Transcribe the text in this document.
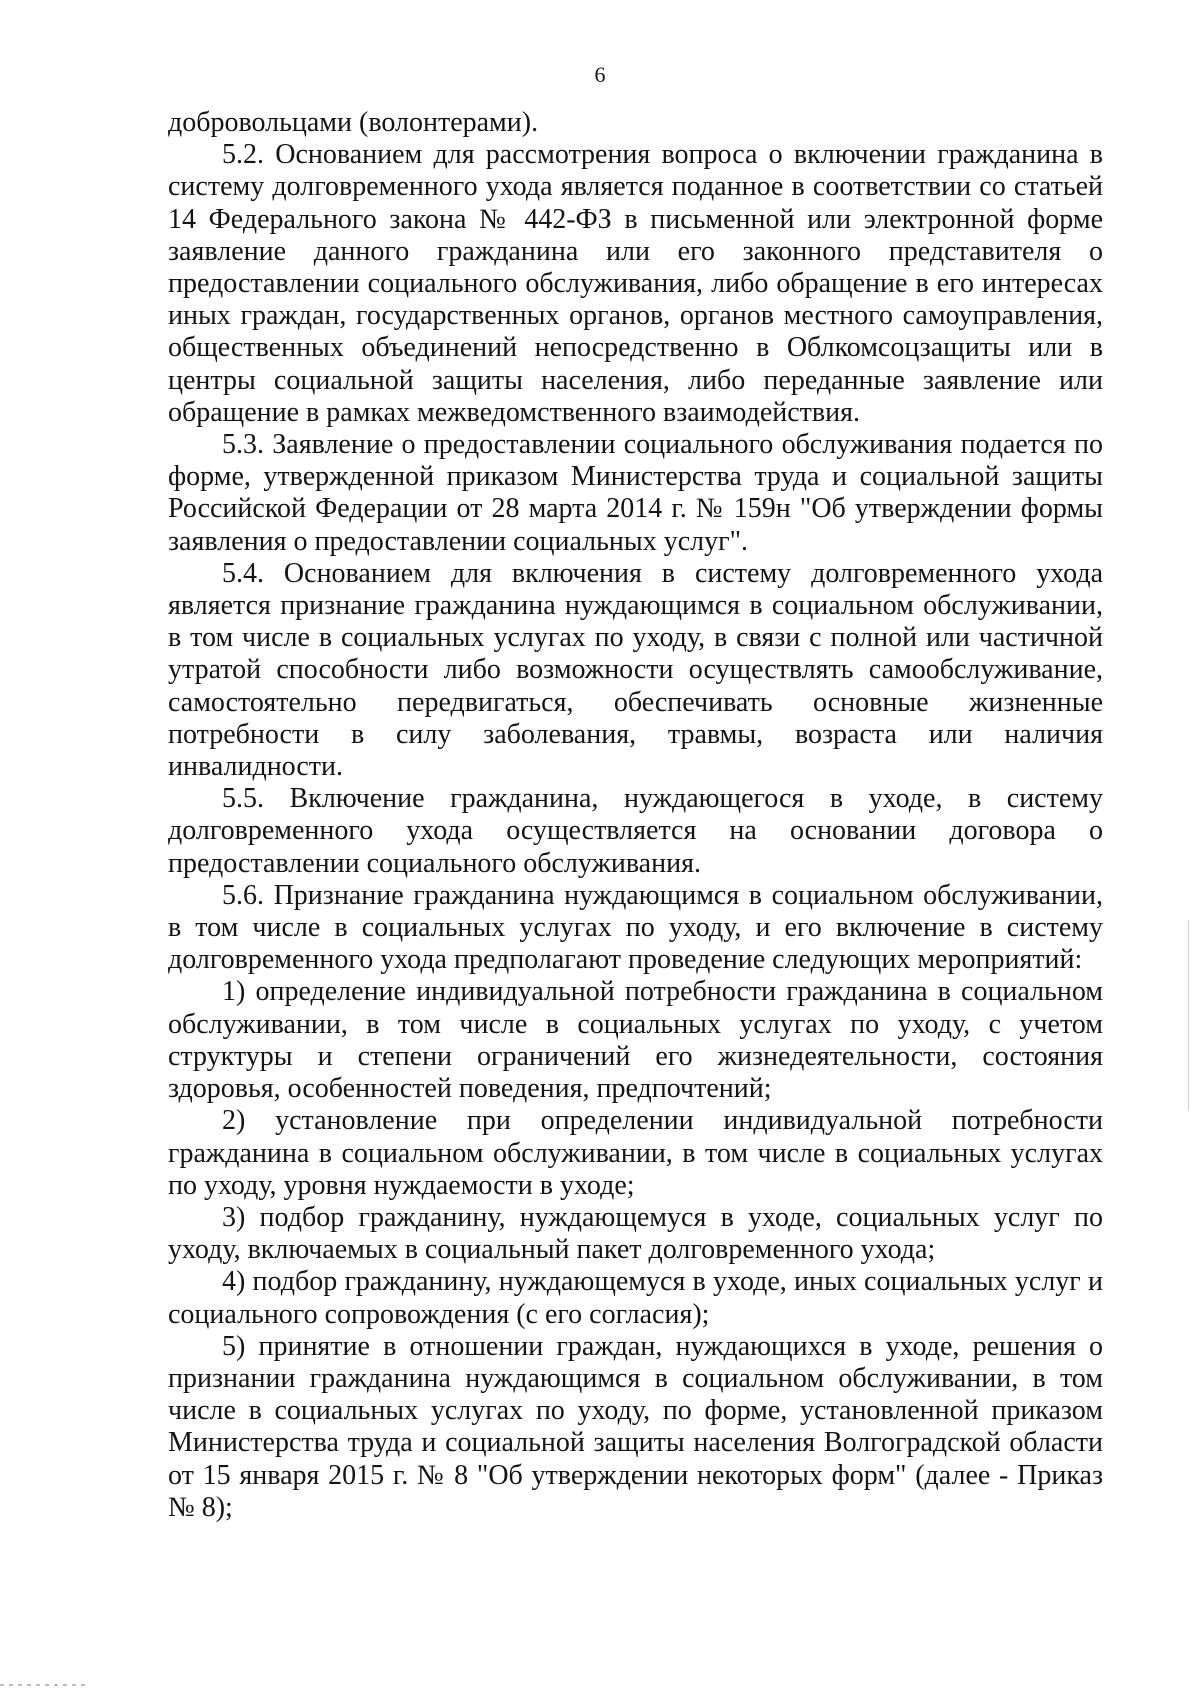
6

добровольцами (волонтерами).

5.2. Основанием для рассмотрения вопроса о включении гражданина в систему долговременного ухода является поданное в соответствии со статьей 14 Федерального закона № 442-ФЗ в письменной или электронной форме заявление данного гражданина или его законного представителя о предоставлении социального обслуживания, либо обращение в его интересах иных граждан, государственных органов, органов местного самоуправления, общественных объединений непосредственно в Облкомсоцзащиты или в центры социальной защиты населения, либо переданные заявление или обращение в рамках межведомственного взаимодействия.

5.3. Заявление о предоставлении социального обслуживания подается по форме, утвержденной приказом Министерства труда и социальной защиты Российской Федерации от 28 марта 2014 г. № 159н "Об утверждении формы заявления о предоставлении социальных услуг".

5.4. Основанием для включения в систему долговременного ухода является признание гражданина нуждающимся в социальном обслуживании, в том числе в социальных услугах по уходу, в связи с полной или частичной утратой способности либо возможности осуществлять самообслуживание, самостоятельно передвигаться, обеспечивать основные жизненные потребности в силу заболевания, травмы, возраста или наличия инвалидности.

5.5. Включение гражданина, нуждающегося в уходе, в систему долговременного ухода осуществляется на основании договора о предоставлении социального обслуживания.

5.6. Признание гражданина нуждающимся в социальном обслуживании, в том числе в социальных услугах по уходу, и его включение в систему долговременного ухода предполагают проведение следующих мероприятий:

1) определение индивидуальной потребности гражданина в социальном обслуживании, в том числе в социальных услугах по уходу, с учетом структуры и степени ограничений его жизнедеятельности, состояния здоровья, особенностей поведения, предпочтений;

2) установление при определении индивидуальной потребности гражданина в социальном обслуживании, в том числе в социальных услугах по уходу, уровня нуждаемости в уходе;

3) подбор гражданину, нуждающемуся в уходе, социальных услуг по уходу, включаемых в социальный пакет долговременного ухода;

4) подбор гражданину, нуждающемуся в уходе, иных социальных услуг и социального сопровождения (с его согласия);

5) принятие в отношении граждан, нуждающихся в уходе, решения о признании гражданина нуждающимся в социальном обслуживании, в том числе в социальных услугах по уходу, по форме, установленной приказом Министерства труда и социальной защиты населения Волгоградской области от 15 января 2015 г. № 8 "Об утверждении некоторых форм" (далее - Приказ № 8);
